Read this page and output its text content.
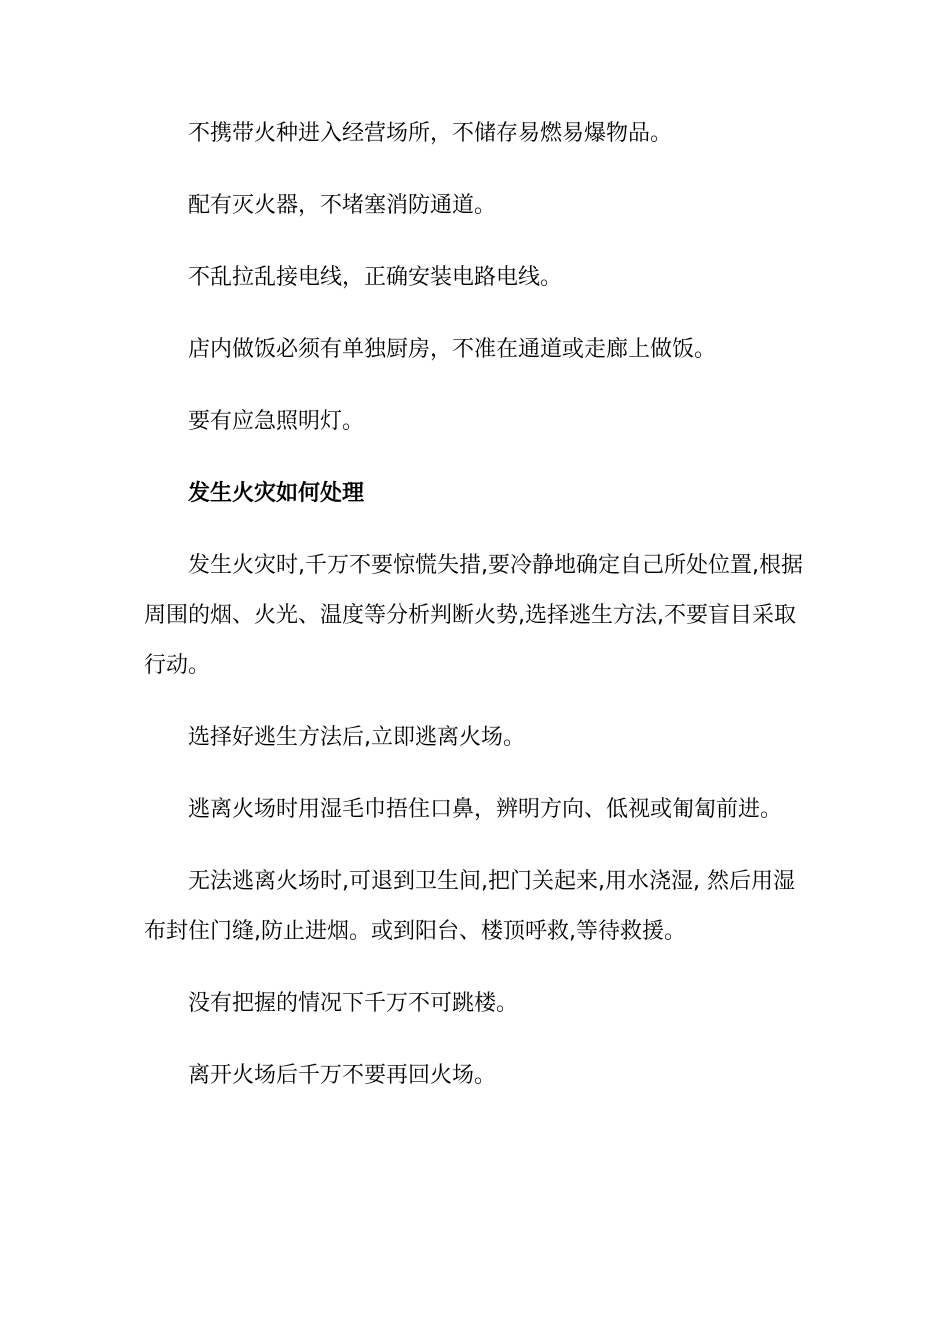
不携带火种进入经营场所，不储存易燃易爆物品。

配有灭火器，不堵塞消防通道。

不乱拉乱接电线，正确安装电路电线。

店内做饭必须有单独厨房，不准在通道或走廊上做饭。

要有应急照明灯。

发生火灾如何处理

发生火灾时,千万不要惊慌失措,要冷静地确定自己所处位置,根据周围的烟、火光、温度等分析判断火势,选择逃生方法,不要盲目采取行动。

选择好逃生方法后,立即逃离火场。

逃离火场时用湿毛巾捂住口鼻，辨明方向、低视或匍匐前进。

无法逃离火场时,可退到卫生间,把门关起来,用水浇湿, 然后用湿布封住门缝,防止进烟。或到阳台、楼顶呼救,等待救援。

没有把握的情况下千万不可跳楼。

离开火场后千万不要再回火场。
